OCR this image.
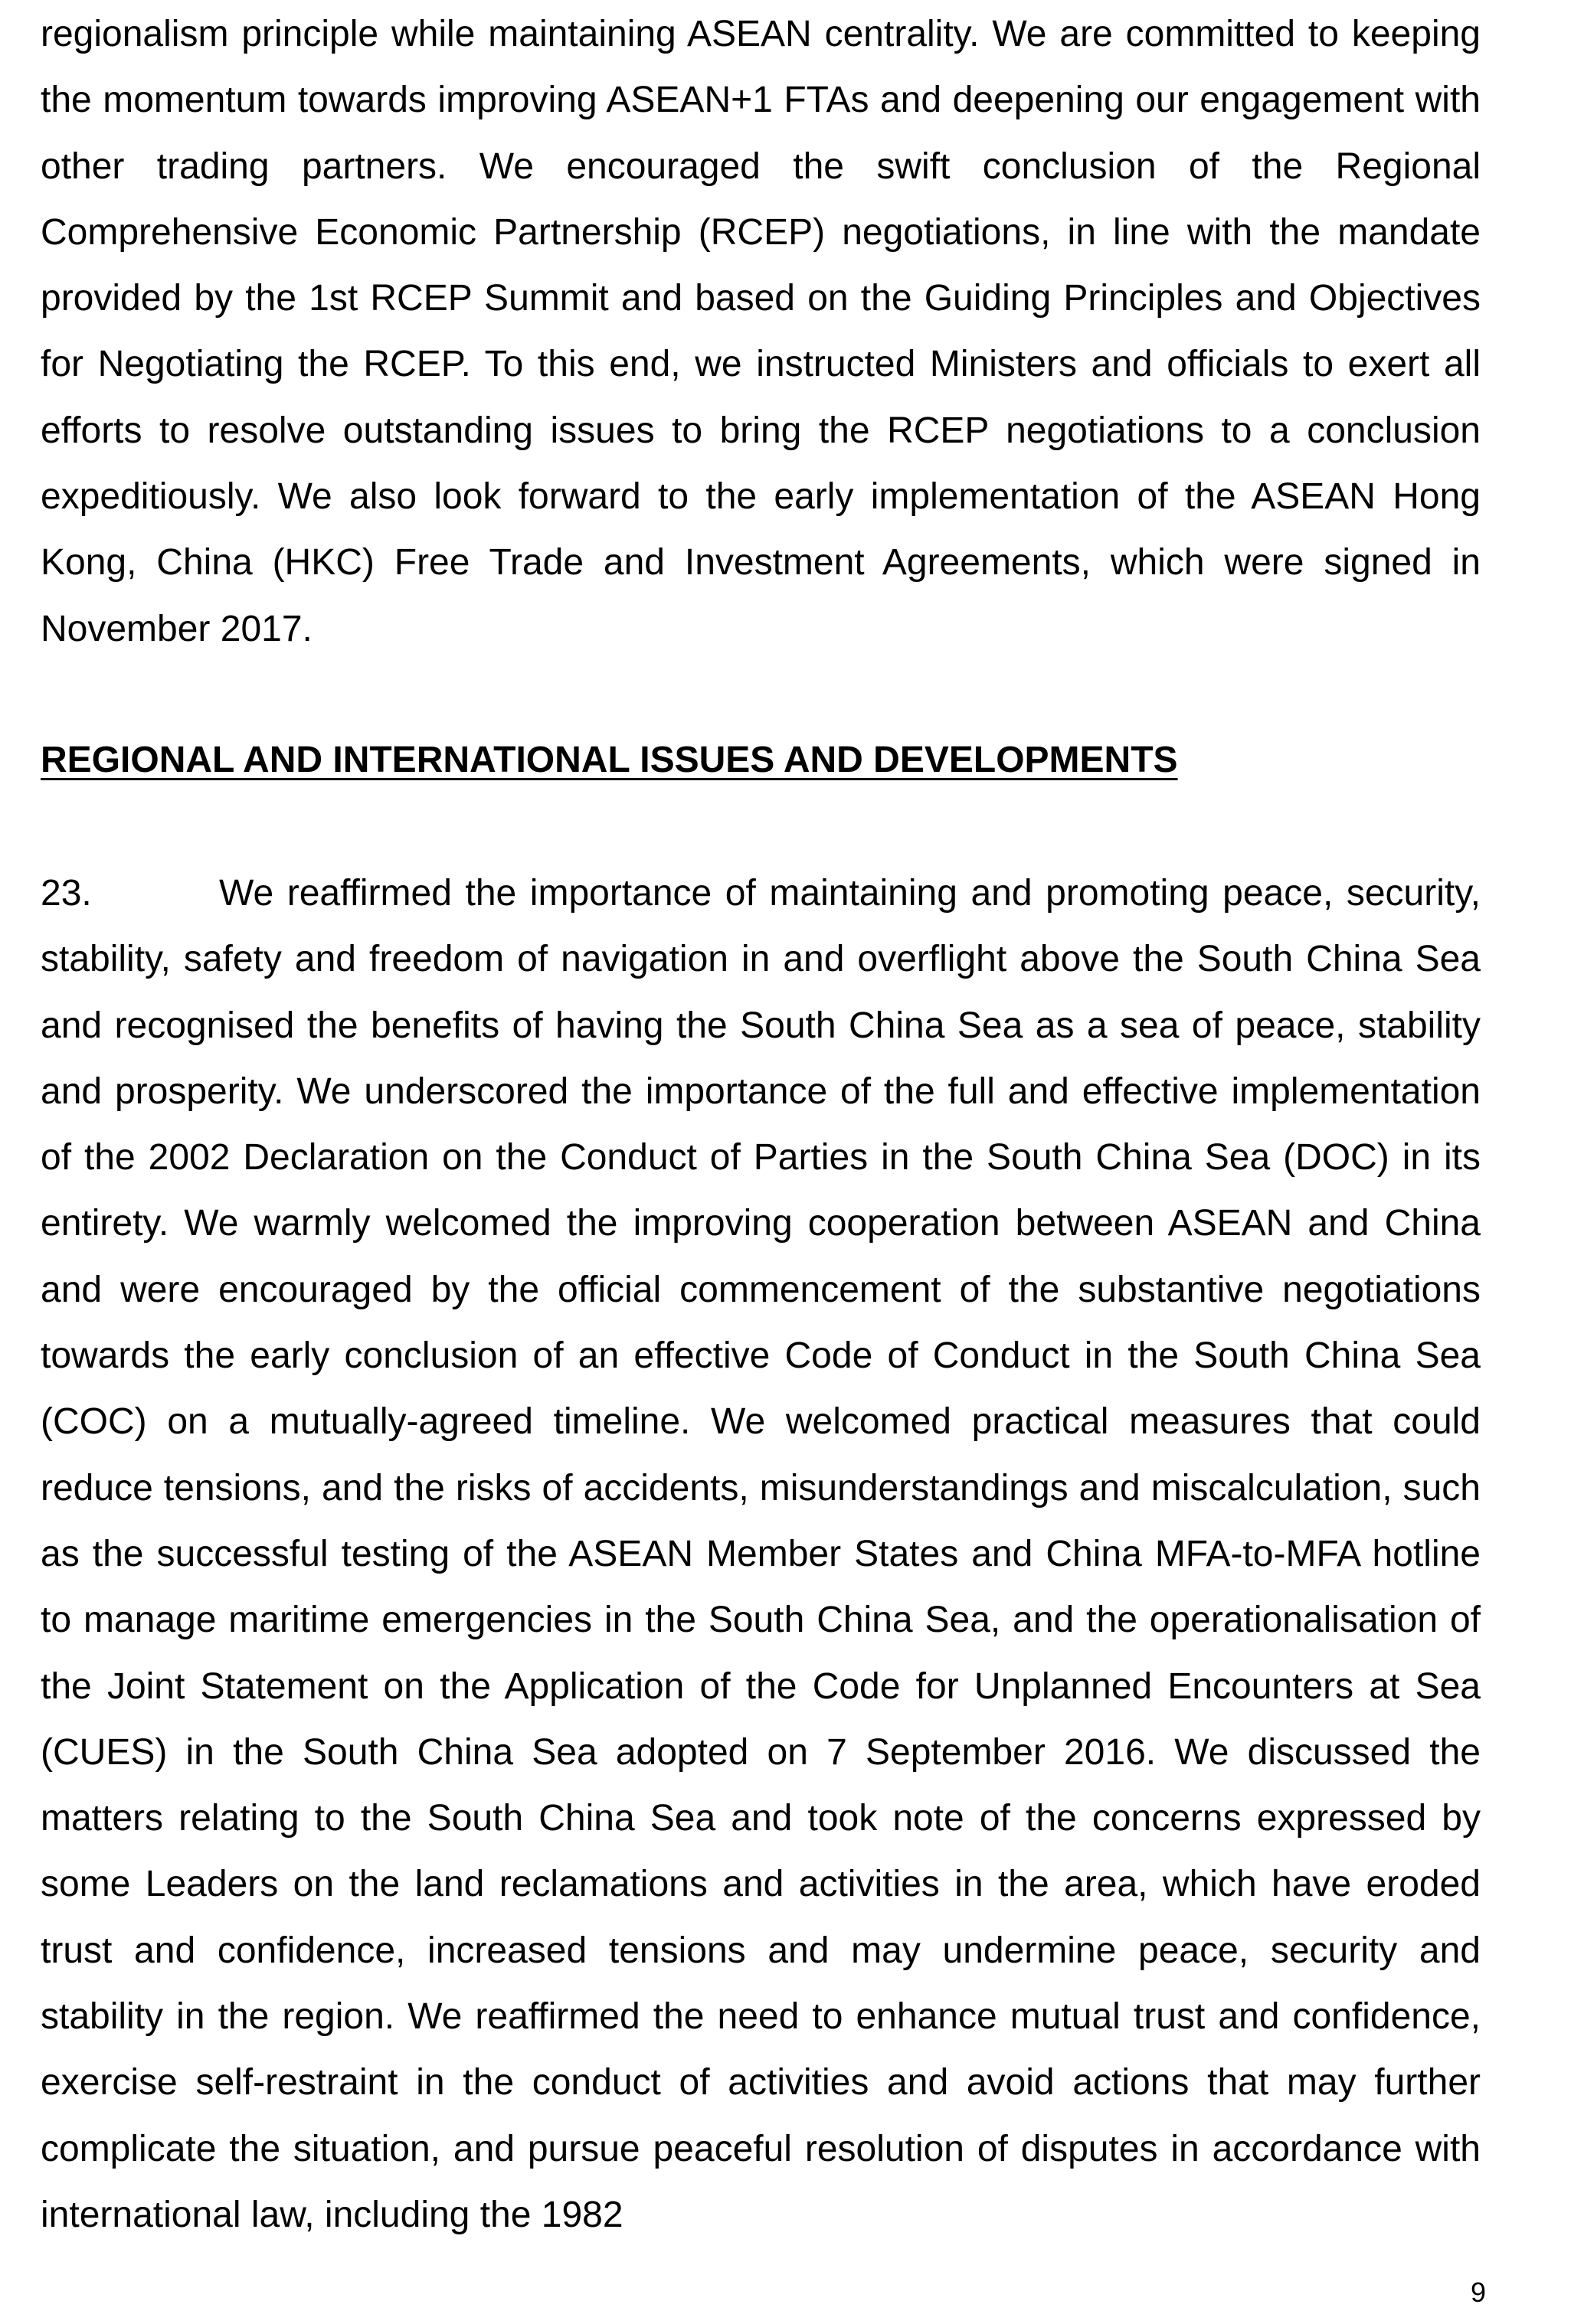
regionalism principle while maintaining ASEAN centrality. We are committed to keeping the momentum towards improving ASEAN+1 FTAs and deepening our engagement with other trading partners. We encouraged the swift conclusion of the Regional Comprehensive Economic Partnership (RCEP) negotiations, in line with the mandate provided by the 1st RCEP Summit and based on the Guiding Principles and Objectives for Negotiating the RCEP. To this end, we instructed Ministers and officials to exert all efforts to resolve outstanding issues to bring the RCEP negotiations to a conclusion expeditiously. We also look forward to the early implementation of the ASEAN Hong Kong, China (HKC) Free Trade and Investment Agreements, which were signed in November 2017.

REGIONAL AND INTERNATIONAL ISSUES AND DEVELOPMENTS

23.	We reaffirmed the importance of maintaining and promoting peace, security, stability, safety and freedom of navigation in and overflight above the South China Sea and recognised the benefits of having the South China Sea as a sea of peace, stability and prosperity. We underscored the importance of the full and effective implementation of the 2002 Declaration on the Conduct of Parties in the South China Sea (DOC) in its entirety. We warmly welcomed the improving cooperation between ASEAN and China and were encouraged by the official commencement of the substantive negotiations towards the early conclusion of an effective Code of Conduct in the South China Sea (COC) on a mutually-agreed timeline. We welcomed practical measures that could reduce tensions, and the risks of accidents, misunderstandings and miscalculation, such as the successful testing of the ASEAN Member States and China MFA-to-MFA hotline to manage maritime emergencies in the South China Sea, and the operationalisation of the Joint Statement on the Application of the Code for Unplanned Encounters at Sea (CUES) in the South China Sea adopted on 7 September 2016. We discussed the matters relating to the South China Sea and took note of the concerns expressed by some Leaders on the land reclamations and activities in the area, which have eroded trust and confidence, increased tensions and may undermine peace, security and stability in the region. We reaffirmed the need to enhance mutual trust and confidence, exercise self-restraint in the conduct of activities and avoid actions that may further complicate the situation, and pursue peaceful resolution of disputes in accordance with international law, including the 1982

9
